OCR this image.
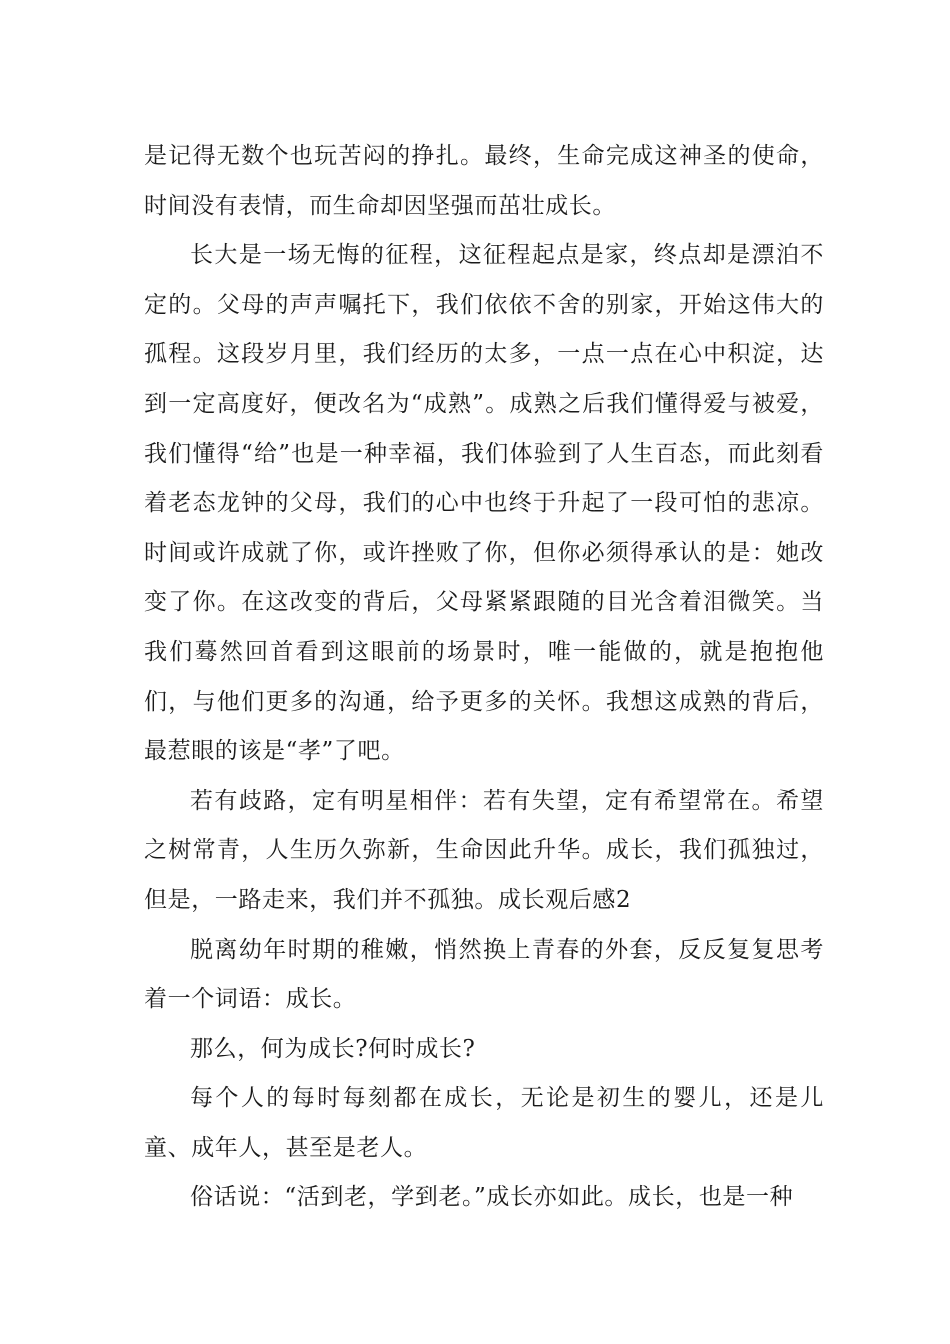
是记得无数个也玩苦闷的挣扎。最终，生命完成这神圣的使命，时间没有表情，而生命却因坚强而茁壮成长。

长大是一场无悔的征程，这征程起点是家，终点却是漂泊不定的。父母的声声嘱托下，我们依依不舍的别家，开始这伟大的孤程。这段岁月里，我们经历的太多，一点一点在心中积淀，达到一定高度好，便改名为“成熟”。成熟之后我们懂得爱与被爱，我们懂得“给”也是一种幸福，我们体验到了人生百态，而此刻看着老态龙钟的父母，我们的心中也终于升起了一段可怕的悲凉。时间或许成就了你，或许挫败了你，但你必须得承认的是：她改变了你。在这改变的背后，父母紧紧跟随的目光含着泪微笑。当我们蓦然回首看到这眼前的场景时，唯一能做的，就是抱抱他们，与他们更多的沟通，给予更多的关怀。我想这成熟的背后，最惹眼的该是“孝”了吧。

若有歧路，定有明星相伴：若有失望，定有希望常在。希望之树常青，人生历久弥新，生命因此升华。成长，我们孤独过，但是，一路走来，我们并不孤独。成长观后感2

脱离幼年时期的稚嫩，悄然换上青春的外套，反反复复思考着一个词语：成长。

那么，何为成长?何时成长?

每个人的每时每刻都在成长，无论是初生的婴儿，还是儿童、成年人，甚至是老人。

俗话说：“活到老，学到老。”成长亦如此。成长，也是一种
